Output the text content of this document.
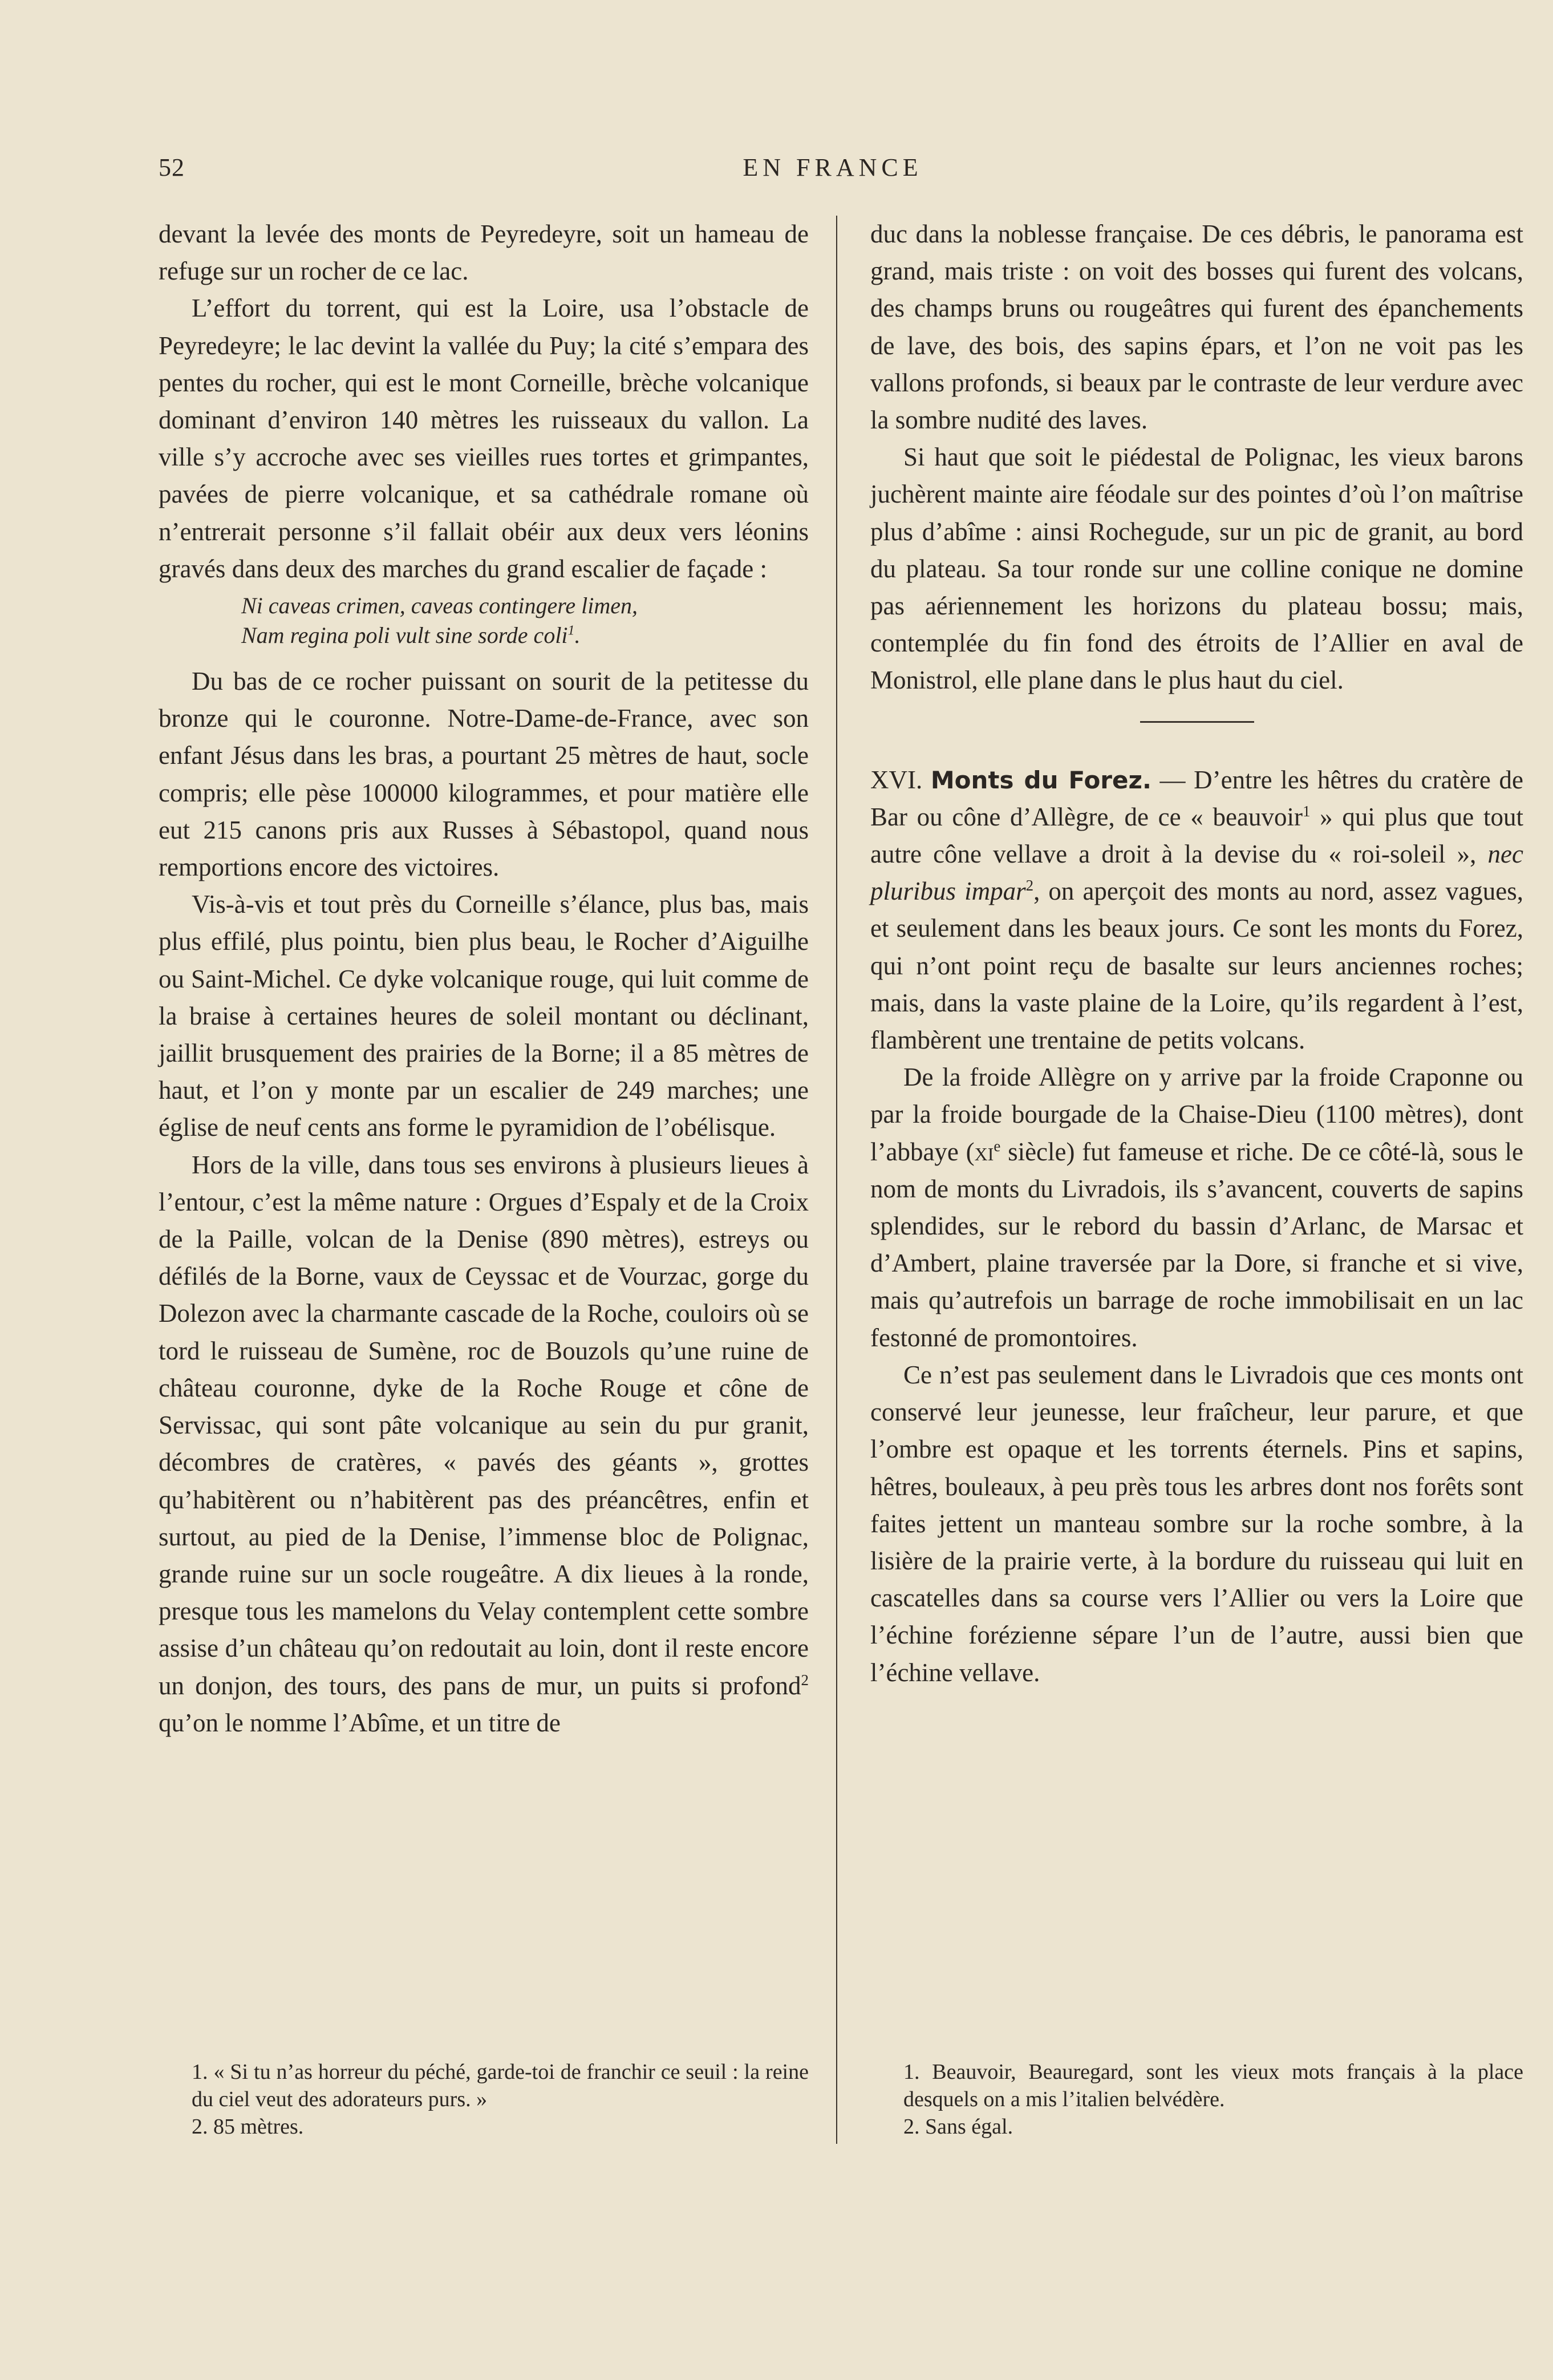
52	EN FRANCE

devant la levée des monts de Peyredeyre, soit un hameau de refuge sur un rocher de ce lac.

L’effort du torrent, qui est la Loire, usa l’obstacle de Peyredeyre; le lac devint la vallée du Puy; la cité s’empara des pentes du rocher, qui est le mont Corneille, brèche volcanique dominant d’environ 140 mètres les ruisseaux du vallon. La ville s’y accroche avec ses vieilles rues tortes et grimpantes, pavées de pierre volcanique, et sa cathédrale romane où n’entrerait personne s’il fallait obéir aux deux vers léonins gravés dans deux des marches du grand escalier de façade :

Ni caveas crimen, caveas contingere limen,

Nam regina poli vult sine sorde coli$^1$.

Du bas de ce rocher puissant on sourit de la petitesse du bronze qui le couronne. Notre-Dame-de-France, avec son enfant Jésus dans les bras, a pourtant 25 mètres de haut, socle compris; elle pèse 100000 kilogrammes, et pour matière elle eut 215 canons pris aux Russes à Sébastopol, quand nous remportions encore des victoires.

Vis-à-vis et tout près du Corneille s’élance, plus bas, mais plus effilé, plus pointu, bien plus beau, le Rocher d’Aiguilhe ou Saint-Michel. Ce dyke volcanique rouge, qui luit comme de la braise à certaines heures de soleil montant ou déclinant, jaillit brusquement des prairies de la Borne; il a 85 mètres de haut, et l’on y monte par un escalier de 249 marches; une église de neuf cents ans forme le pyramidion de l’obélisque.

Hors de la ville, dans tous ses environs à plusieurs lieues à l’entour, c’est la même nature : Orgues d’Espaly et de la Croix de la Paille, volcan de la Denise (890 mètres), estreys ou défilés de la Borne, vaux de Ceyssac et de Vourzac, gorge du Dolezon avec la charmante cascade de la Roche, couloirs où se tord le ruisseau de Sumène, roc de Bouzols qu’une ruine de château couronne, dyke de la Roche Rouge et cône de Servissac, qui sont pâte volcanique au sein du pur granit, décombres de cratères, « pavés des géants », grottes qu’habitèrent ou n’habitèrent pas des préancêtres, enfin et surtout, au pied de la Denise, l’immense bloc de Polignac, grande ruine sur un socle rougeâtre. A dix lieues à la ronde, presque tous les mamelons du Velay contemplent cette sombre assise d’un château qu’on redoutait au loin, dont il reste encore un donjon, des tours, des pans de mur, un puits si profond$^2$ qu’on le nomme l’Abîme, et un titre de

duc dans la noblesse française. De ces débris, le panorama est grand, mais triste : on voit des bosses qui furent des volcans, des champs bruns ou rougeâtres qui furent des épanchements de lave, des bois, des sapins épars, et l’on ne voit pas les vallons profonds, si beaux par le contraste de leur verdure avec la sombre nudité des laves.

Si haut que soit le piédestal de Polignac, les vieux barons juchèrent mainte aire féodale sur des pointes d’où l’on maîtrise plus d’abîme : ainsi Rochegude, sur un pic de granit, au bord du plateau. Sa tour ronde sur une colline conique ne domine pas aériennement les horizons du plateau bossu; mais, contemplée du fin fond des étroits de l’Allier en aval de Monistrol, elle plane dans le plus haut du ciel.

XVI. Monts du Forez. — D’entre les hêtres du cratère de Bar ou cône d’Allègre, de ce « beauvoir$^1$ » qui plus que tout autre cône vellave a droit à la devise du « roi-soleil », nec pluribus impar$^2$, on aperçoit des monts au nord, assez vagues, et seulement dans les beaux jours. Ce sont les monts du Forez, qui n’ont point reçu de basalte sur leurs anciennes roches; mais, dans la vaste plaine de la Loire, qu’ils regardent à l’est, flambèrent une trentaine de petits volcans.

De la froide Allègre on y arrive par la froide Craponne ou par la froide bourgade de la Chaise-Dieu (1100 mètres), dont l’abbaye ($xi^e$ siècle) fut fameuse et riche. De ce côté-là, sous le nom de monts du Livradois, ils s’avancent, couverts de sapins splendides, sur le rebord du bassin d’Arlanc, de Marsac et d’Ambert, plaine traversée par la Dore, si franche et si vive, mais qu’autrefois un barrage de roche immobilisait en un lac festonné de promontoires.

Ce n’est pas seulement dans le Livradois que ces monts ont conservé leur jeunesse, leur fraîcheur, leur parure, et que l’ombre est opaque et les torrents éternels. Pins et sapins, hêtres, bouleaux, à peu près tous les arbres dont nos forêts sont faites jettent un manteau sombre sur la roche sombre, à la lisière de la prairie verte, à la bordure du ruisseau qui luit en cascatelles dans sa course vers l’Allier ou vers la Loire que l’échine forézienne sépare l’un de l’autre, aussi bien que l’échine vellave.

1. « Si tu n’as horreur du péché, garde-toi de franchir ce seuil : la reine du ciel veut des adorateurs purs. »

2. 85 mètres.

1. Beauvoir, Beauregard, sont les vieux mots français à la place desquels on a mis l’italien belvédère.

2. Sans égal.
